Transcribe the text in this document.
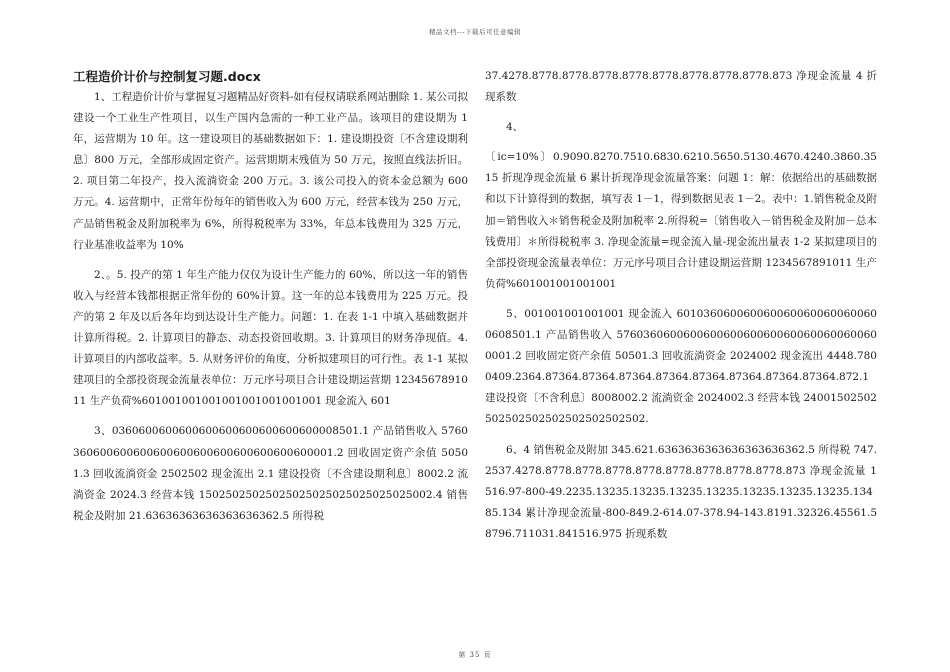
精品文档---下载后可任意编辑
工程造价计价与控制复习题.docx

1、工程造价计价与掌握复习题精品好资料-如有侵权请联系网站删除 1. 某公司拟建设一个工业生产性项目，以生产国内急需的一种工业产品。该项目的建设期为 1 年，运营期为 10 年。这一建设项目的基础数据如下：1. 建设期投资〔不含建设期利息〕800 万元，全部形成固定资产。运营期期末残值为 50 万元，按照直线法折旧。2. 项目第二年投产，投入流淌资金 200 万元。3. 该公司投入的资本金总额为 600 万元。4. 运营期中，正常年份每年的销售收入为 600 万元，经营本钱为 250 万元，产品销售税金及附加税率为 6%，所得税税率为 33%，年总本钱费用为 325 万元，行业基准收益率为 10%

2、。5. 投产的第 1 年生产能力仅仅为设计生产能力的 60%，所以这一年的销售收入与经营本钱都根据正常年份的 60%计算。这一年的总本钱费用为 225 万元。投产的第 2 年及以后各年均到达设计生产能力。问题：1. 在表 1-1 中填入基础数据并计算所得税。2. 计算项目的静态、动态投资回收期。3. 计算项目的财务净现值。4. 计算项目的内部收益率。5. 从财务评价的角度，分析拟建项目的可行性。表 1-1 某拟建项目的全部投资现金流量表单位：万元序号项目合计建设期运营期 1234567891011 生产负荷%601001001001001001001001001 现金流入 601

3、0360600600600600600600600600600008501.1 产品销售收入 5760360600600600600600600600600600600600001.2 回收固定资产余值 50501.3 回收流淌资金 2502502 现金流出 2.1 建设投资〔不含建设期利息〕8002.2 流淌资金 2024.3 经营本钱 15025025025025025025025025025025002.4 销售税金及附加 21.63636363636363636362.5 所得税

37.4278.8778.8778.8778.8778.8778.8778.8778.8778.873 净现金流量 4 折现系数

4、

〔ic=10%〕0.9090.8270.7510.6830.6210.5650.5130.4670.4240.3860.3515 折现净现金流量 6 累计折现净现金流量答案：问题 1：解：依据给出的基础数据和以下计算得到的数据，填写表 1－1，得到数据见表 1－2。表中：1.销售税金及附加＝销售收入＊销售税金及附加税率 2.所得税=〔销售收入－销售税金及附加－总本钱费用〕＊所得税税率 3. 净现金流量=现金流入量-现金流出量表 1-2 某拟建项目的全部投资现金流量表单位：万元序号项目合计建设期运营期 1234567891011 生产负荷%601001001001001

5、001001001001001 现金流入 6010360600600600600600600600600608501.1 产品销售收入 5760360600600600600600600600600600600600001.2 回收固定资产余值 50501.3 回收流淌资金 2024002 现金流出 4448.7800409.2364.87364.87364.87364.87364.87364.87364.87364.87364.872.1 建设投资〔不含利息〕8008002.2 流淌资金 2024002.3 经营本钱 24001502502502502502502502502502502.

6、4 销售税金及附加 345.621.6363636363636363636362.5 所得税 747.2537.4278.8778.8778.8778.8778.8778.8778.8778.8778.873 净现金流量 1516.97-800-49.2235.13235.13235.13235.13235.13235.13235.13235.13485.134 累计净现金流量-800-849.2-614.07-378.94-143.8191.32326.45561.58796.711031.841516.975 折现系数

第 35 页
